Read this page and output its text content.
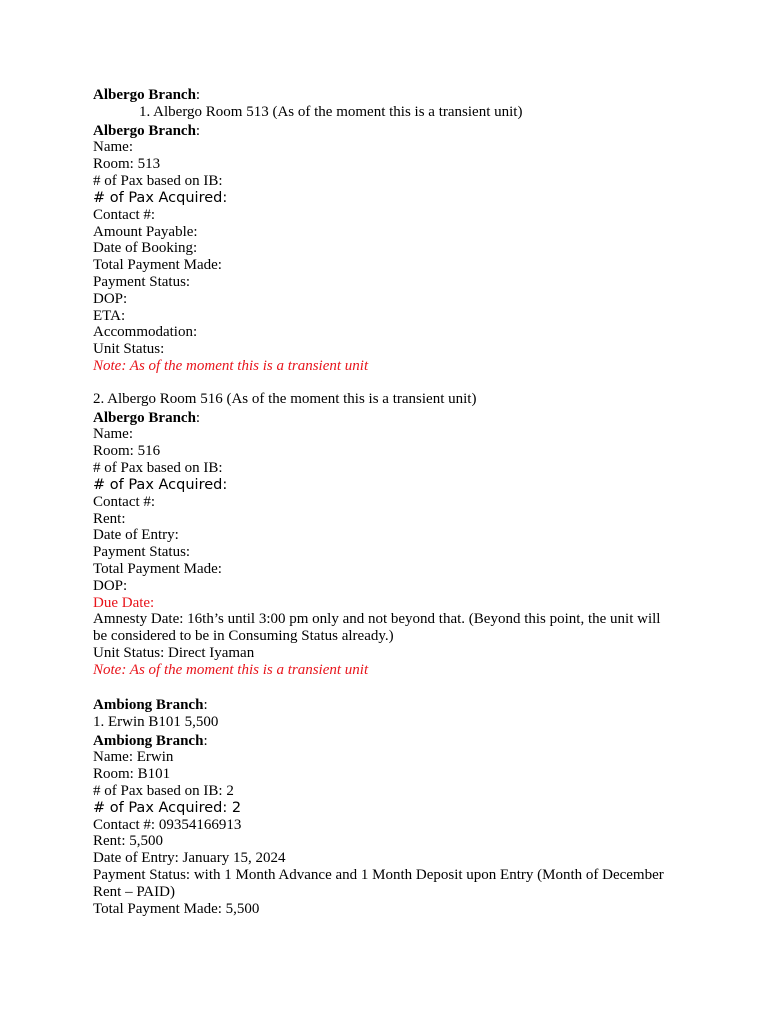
Albergo Branch:
1. Albergo Room 513 (As of the moment this is a transient unit)
Albergo Branch:
Name:
Room: 513
# of Pax based on IB:
# of Pax Acquired:
Contact #:
Amount Payable:
Date of Booking:
Total Payment Made:
Payment Status:
DOP:
ETA:
Accommodation:
Unit Status:
Note: As of the moment this is a transient unit
2. Albergo Room 516 (As of the moment this is a transient unit)
Albergo Branch:
Name:
Room: 516
# of Pax based on IB:
# of Pax Acquired:
Contact #:
Rent:
Date of Entry:
Payment Status:
Total Payment Made:
DOP:
Due Date:
Amnesty Date: 16th’s until 3:00 pm only and not beyond that. (Beyond this point, the unit will be considered to be in Consuming Status already.)
Unit Status: Direct Iyaman
Note: As of the moment this is a transient unit
Ambiong Branch:
1. Erwin B101 5,500
Ambiong Branch:
Name: Erwin
Room: B101
# of Pax based on IB: 2
# of Pax Acquired: 2
Contact #: 09354166913
Rent: 5,500
Date of Entry: January 15, 2024
Payment Status: with 1 Month Advance and 1 Month Deposit upon Entry (Month of December Rent – PAID)
Total Payment Made: 5,500
